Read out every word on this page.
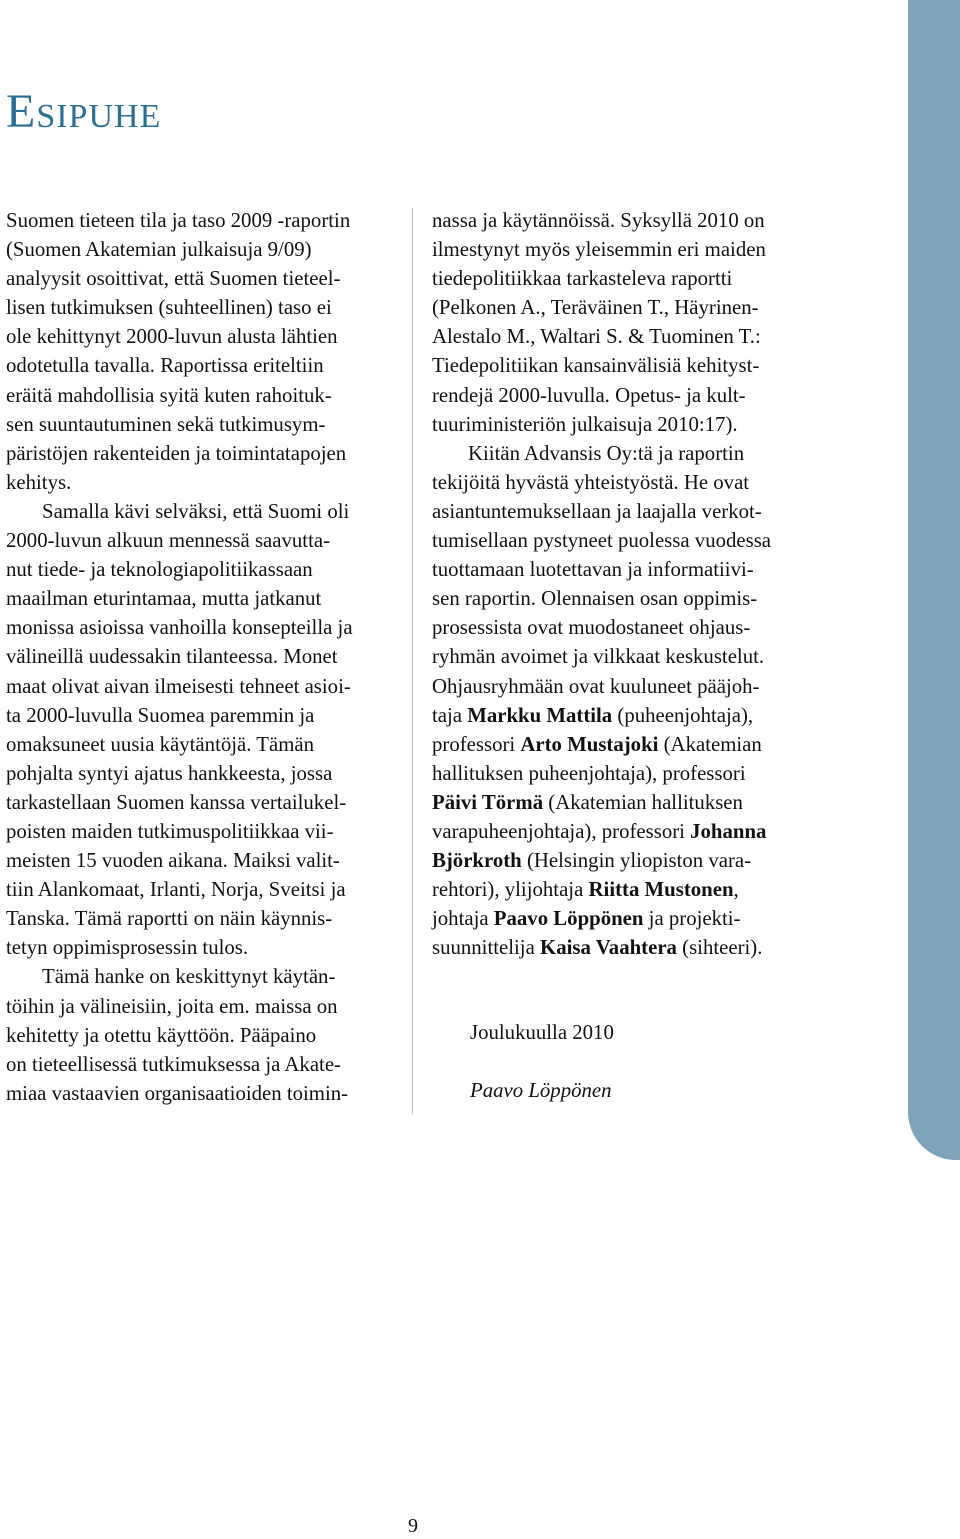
Esipuhe
Suomen tieteen tila ja taso 2009 -raportin
(Suomen Akatemian julkaisuja 9/09)
analyysit osoittivat, että Suomen tieteel-
lisen tutkimuksen (suhteellinen) taso ei
ole kehittynyt 2000-luvun alusta lähtien
odotetulla tavalla. Raportissa eriteltiin
eräitä mahdollisia syitä kuten rahoituk-
sen suuntautuminen sekä tutkimusym-
päristöjen rakenteiden ja toimintatapojen
kehitys.
Samalla kävi selväksi, että Suomi oli
2000-luvun alkuun mennessä saavutta-
nut tiede- ja teknologiapolitiikassaan
maailman eturintamaa, mutta jatkanut
monissa asioissa vanhoilla konsepteilla ja
välineillä uudessakin tilanteessa. Monet
maat olivat aivan ilmeisesti tehneet asioi-
ta 2000-luvulla Suomea paremmin ja
omaksuneet uusia käytäntöjä. Tämän
pohjalta syntyi ajatus hankkeesta, jossa
tarkastellaan Suomen kanssa vertailukel-
poisten maiden tutkimuspolitiikkaa vii-
meisten 15 vuoden aikana. Maiksi valit-
tiin Alankomaat, Irlanti, Norja, Sveitsi ja
Tanska. Tämä raportti on näin käynnis-
tetyn oppimisprosessin tulos.
Tämä hanke on keskittynyt käytän-
töihin ja välineisiin, joita em. maissa on
kehitetty ja otettu käyttöön. Pääpaino
on tieteellisessä tutkimuksessa ja Akate-
miaa vastaavien organisaatioiden toimin-
nassa ja käytännöissä. Syksyllä 2010 on
ilmestynyt myös yleisemmin eri maiden
tiedepolitiikkaa tarkasteleva raportti
(Pelkonen A., Teräväinen T., Häyrinen-
Alestalo M., Waltari S. & Tuominen T.:
Tiedepolitiikan kansainvälisiä kehityst-
rendejä 2000-luvulla. Opetus- ja kult-
tuuriministeriön julkaisuja 2010:17).
Kiitän Advansis Oy:tä ja raportin
tekijöitä hyvästä yhteistyöstä. He ovat
asiantuntemuksellaan ja laajalla verkot-
tumisellaan pystyneet puolessa vuodessa
tuottamaan luotettavan ja informatiivi-
sen raportin. Olennaisen osan oppimis-
prosessista ovat muodostaneet ohjaus-
ryhmän avoimet ja vilkkaat keskustelut.
Ohjausryhmään ovat kuuluneet pääjoh-
taja Markku Mattila (puheenjohtaja),
professori Arto Mustajoki (Akatemian
hallituksen puheenjohtaja), professori
Päivi Törmä (Akatemian hallituksen
varapuheenjohtaja), professori Johanna
Björkroth (Helsingin yliopiston vara-
rehtori), ylijohtaja Riitta Mustonen,
johtaja Paavo Löppönen ja projekti-
suunnittelija Kaisa Vaahtera (sihteeri).
Joulukuulla 2010
Paavo Löppönen
9
